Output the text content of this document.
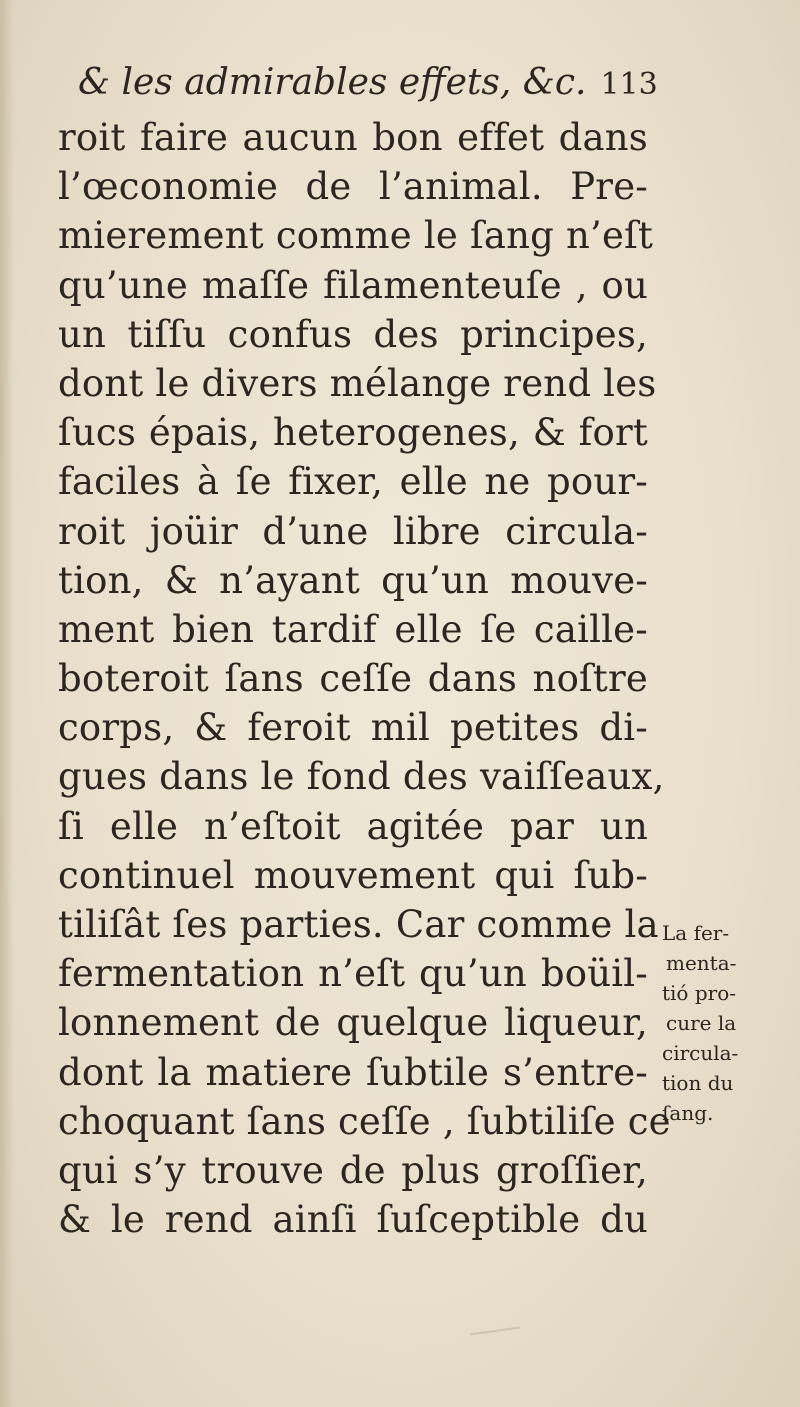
& les admirables effets, &c. 113
roit faire aucun bon effet dans
l’œconomie de l’animal. Pre-
mierement comme le ſang n’eſt
qu’une maſſe filamenteuſe , ou
un tiſſu confus des principes,
dont le divers mélange rend les
ſucs épais, heterogenes, & fort
faciles à ſe fixer, elle ne pour-
roit joüir d’une libre circula-
tion, & n’ayant qu’un mouve-
ment bien tardif elle ſe caille-
boteroit ſans ceſſe dans noſtre
corps, & feroit mil petites di-
gues dans le fond des vaiſſeaux,
ſi elle n’eſtoit agitée par un
continuel mouvement qui ſub-
tiliſât ſes parties. Car comme la
fermentation n’eſt qu’un boüil-
lonnement de quelque liqueur,
dont la matiere ſubtile s’entre-
choquant ſans ceſſe , ſubtiliſe ce
qui s’y trouve de plus groſſier,
& le rend ainſi ſuſceptible du
La fer-
menta-
tió pro-
cure la
circula-
tion du
ſang.
